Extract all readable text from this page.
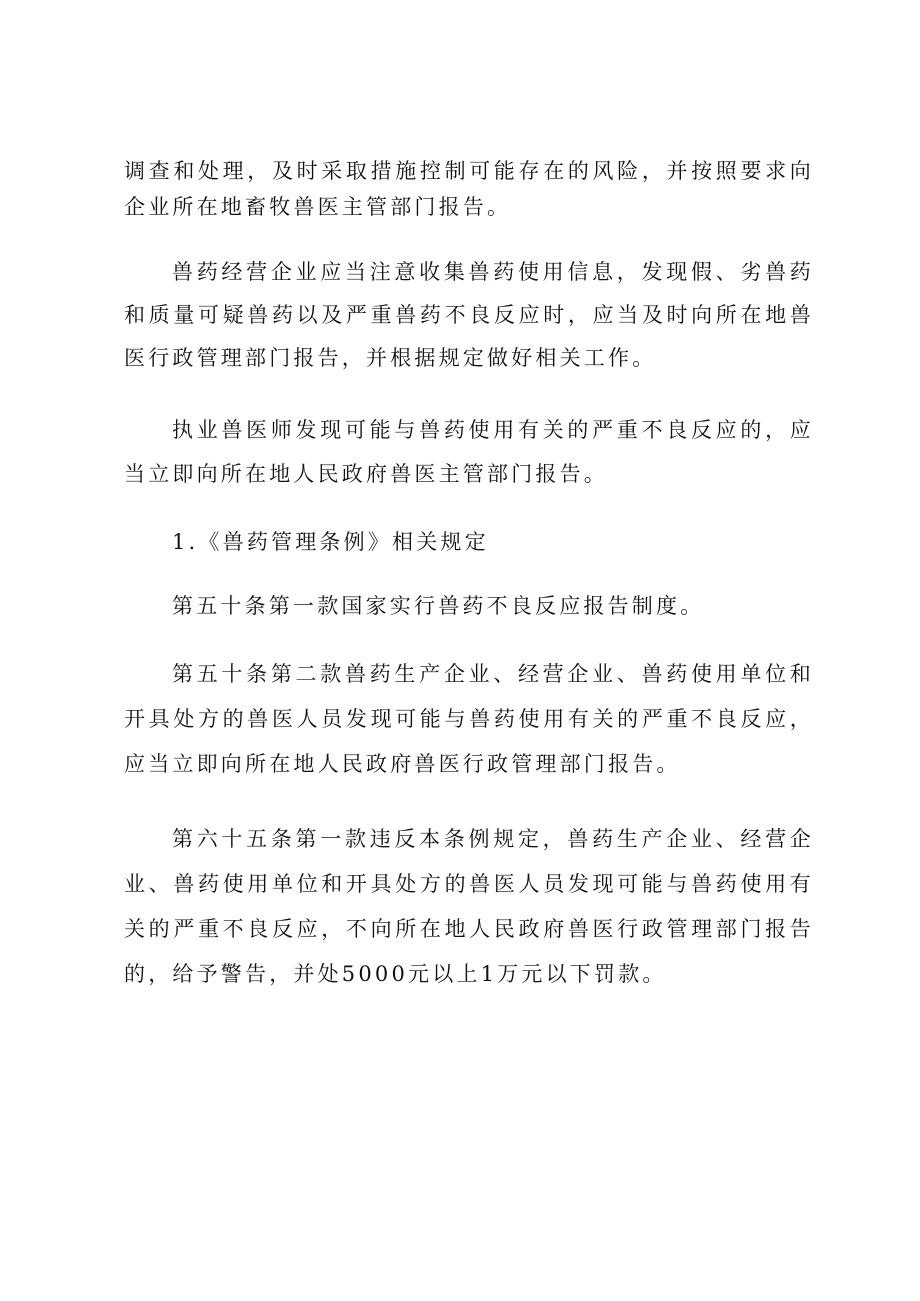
调查和处理，及时采取措施控制可能存在的风险，并按照要求向企业所在地畜牧兽医主管部门报告。

兽药经营企业应当注意收集兽药使用信息，发现假、劣兽药和质量可疑兽药以及严重兽药不良反应时，应当及时向所在地兽医行政管理部门报告，并根据规定做好相关工作。

执业兽医师发现可能与兽药使用有关的严重不良反应的，应当立即向所在地人民政府兽医主管部门报告。

1.《兽药管理条例》相关规定

第五十条第一款国家实行兽药不良反应报告制度。

第五十条第二款兽药生产企业、经营企业、兽药使用单位和开具处方的兽医人员发现可能与兽药使用有关的严重不良反应，应当立即向所在地人民政府兽医行政管理部门报告。

第六十五条第一款违反本条例规定，兽药生产企业、经营企业、兽药使用单位和开具处方的兽医人员发现可能与兽药使用有关的严重不良反应，不向所在地人民政府兽医行政管理部门报告的，给予警告，并处5000元以上1万元以下罚款。
